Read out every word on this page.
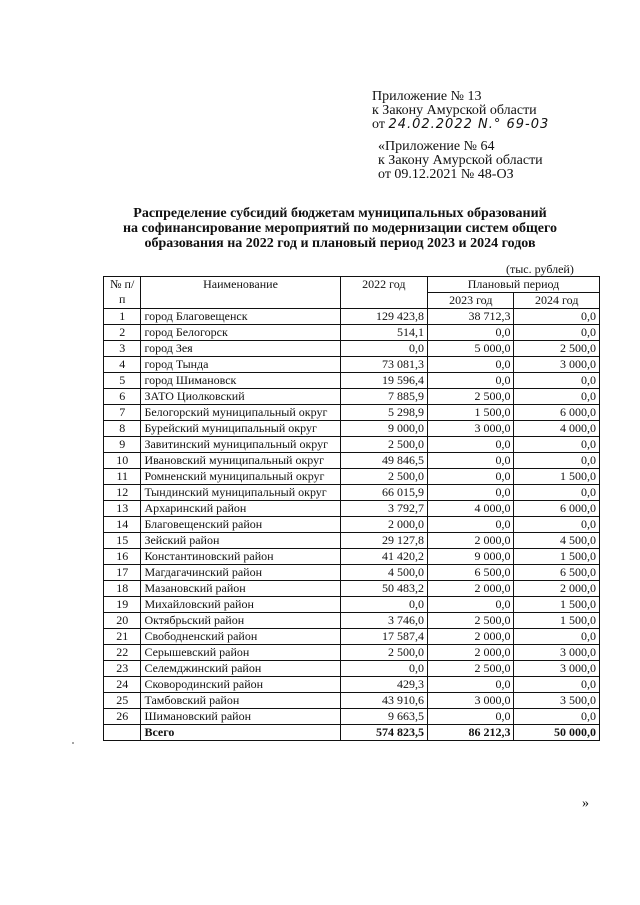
Приложение № 13
к Закону Амурской области
от 24.02.2022 N.° 69-03
«Приложение № 64
к Закону Амурской области
от 09.12.2021 № 48-ОЗ
Распределение субсидий бюджетам муниципальных образований
на софинансирование мероприятий по модернизации систем общего
образования на 2022 год и плановый период 2023 и 2024 годов
(тыс. рублей)
№ п/п	Наименование	2022 год	Плановый период	
			2023 год	2024 год
1	город Благовещенск	129 423,8	38 712,3	0,0
2	город Белогорск	514,1	0,0	0,0
3	город Зея	0,0	5 000,0	2 500,0
4	город Тында	73 081,3	0,0	3 000,0
5	город Шимановск	19 596,4	0,0	0,0
6	ЗАТО Циолковский	7 885,9	2 500,0	0,0
7	Белогорский муниципальный округ	5 298,9	1 500,0	6 000,0
8	Бурейский муниципальный округ	9 000,0	3 000,0	4 000,0
9	Завитинский муниципальный округ	2 500,0	0,0	0,0
10	Ивановский муниципальный округ	49 846,5	0,0	0,0
11	Ромненский муниципальный округ	2 500,0	0,0	1 500,0
12	Тындинский муниципальный округ	66 015,9	0,0	0,0
13	Архаринский район	3 792,7	4 000,0	6 000,0
14	Благовещенский район	2 000,0	0,0	0,0
15	Зейский район	29 127,8	2 000,0	4 500,0
16	Константиновский район	41 420,2	9 000,0	1 500,0
17	Магдагачинский район	4 500,0	6 500,0	6 500,0
18	Мазановский район	50 483,2	2 000,0	2 000,0
19	Михайловский район	0,0	0,0	1 500,0
20	Октябрьский район	3 746,0	2 500,0	1 500,0
21	Свободненский район	17 587,4	2 000,0	0,0
22	Серышевский район	2 500,0	2 000,0	3 000,0
23	Селемджинский район	0,0	2 500,0	3 000,0
24	Сковородинский район	429,3	0,0	0,0
25	Тамбовский район	43 910,6	3 000,0	3 500,0
26	Шимановский район	9 663,5	0,0	0,0
	Всего	574 823,5	86 212,3	50 000,0
»
